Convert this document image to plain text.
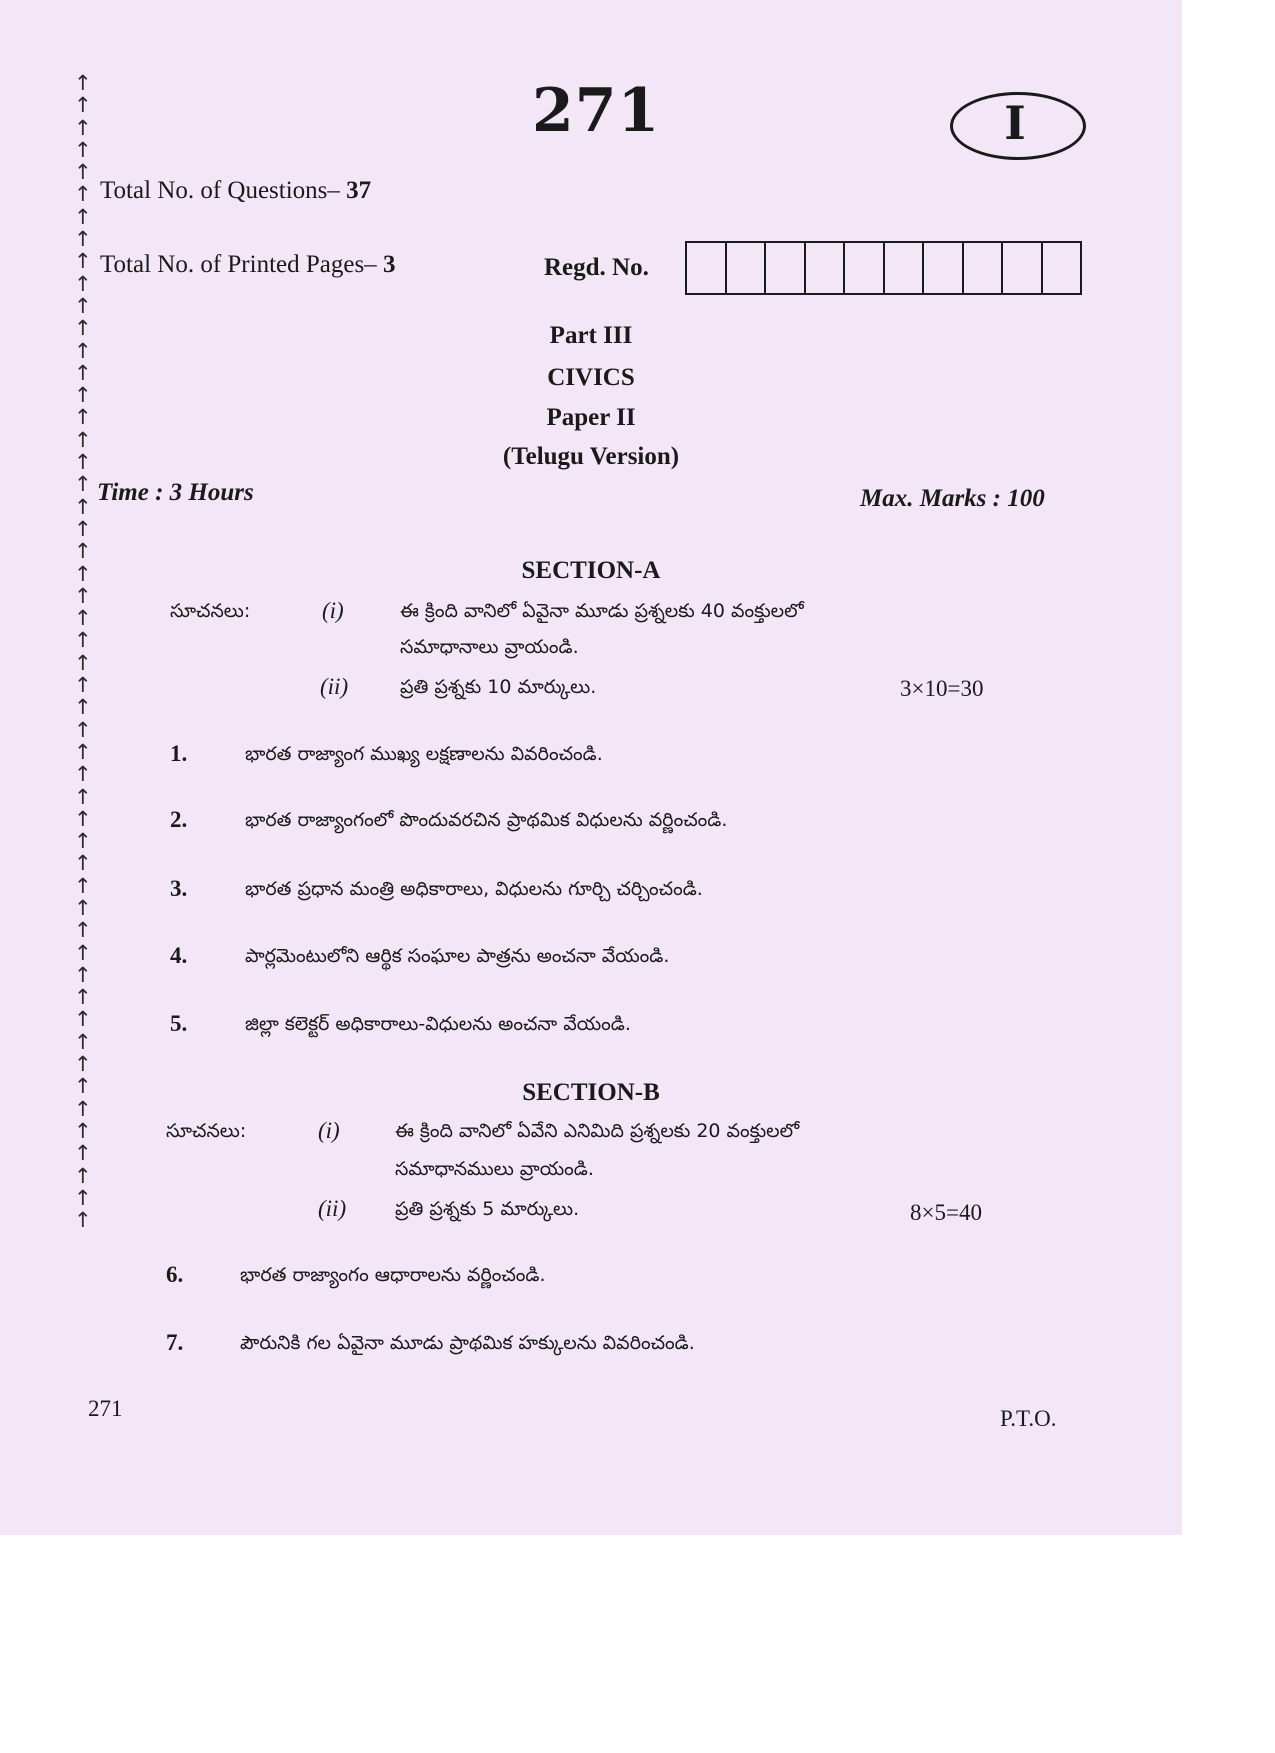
↑
↑
↑
↑
↑
↑
↑
↑
↑
↑
↑
↑
↑
↑
↑
↑
↑
↑
↑
↑
↑
↑
↑
↑
↑
↑
↑
↑
↑
↑
↑
↑
↑
↑
↑
↑
↑
↑
↑
↑
↑
↑
↑
↑
↑
↑
↑
↑
↑
↑
↑
↑
271	I
Total No. of Questions– 37
Total No. of Printed Pages– 3	Regd. No.
Part III
CIVICS
Paper II
(Telugu Version)
Time : 3 Hours	Max. Marks : 100
SECTION-A
సూచనలు:	(i)	ఈ క్రింది వానిలో ఏవైనా మూడు ప్రశ్నలకు 40 వంక్తులలో
సమాధానాలు వ్రాయండి.
(ii)	ప్రతి ప్రశ్నకు 10 మార్కులు.	3×10=30
1.	భారత రాజ్యాంగ ముఖ్య లక్షణాలను వివరించండి.
2.	భారత రాజ్యాంగంలో పొందువరచిన ప్రాథమిక విధులను వర్ణించండి.
3.	భారత ప్రధాన మంత్రి అధికారాలు, విధులను గూర్చి చర్చించండి.
4.	పార్లమెంటులోని ఆర్థిక సంఘాల పాత్రను అంచనా వేయండి.
5.	జిల్లా కలెక్టర్ అధికారాలు-విధులను అంచనా వేయండి.
SECTION-B
సూచనలు:	(i)	ఈ క్రింది వానిలో ఏవేని ఎనిమిది ప్రశ్నలకు 20 వంక్తులలో
సమాధానములు వ్రాయండి.
(ii)	ప్రతి ప్రశ్నకు 5 మార్కులు.	8×5=40
6.	భారత రాజ్యాంగం ఆధారాలను వర్ణించండి.
7.	పౌరునికి గల ఏవైనా మూడు ప్రాథమిక హక్కులను వివరించండి.
271	P.T.O.
